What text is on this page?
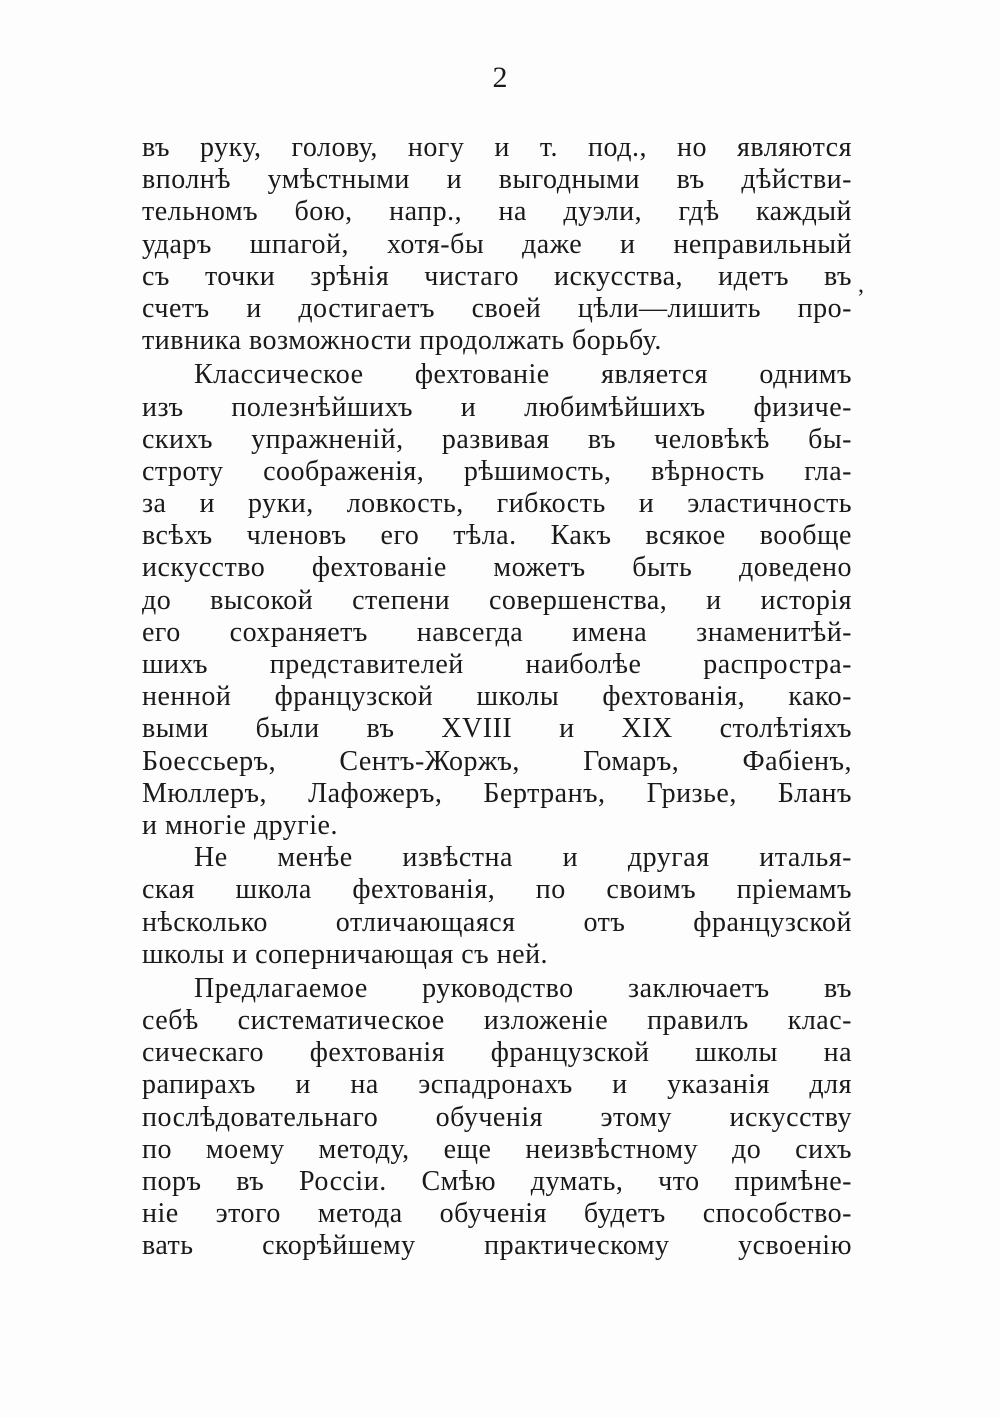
2
,
въ руку, голову, ногу и т. под., но являются
вполнѣ умѣстными и выгодными въ дѣйстви-
тельномъ бою, напр., на дуэли, гдѣ каждый
ударъ шпагой, хотя-бы даже и неправильный
съ точки зрѣнія чистаго искусства, идетъ въ
счетъ и достигаетъ своей цѣли—лишить про-
тивника возможности продолжать борьбу.
Классическое фехтованіе является однимъ
изъ полезнѣйшихъ и любимѣйшихъ физиче-
скихъ упражненій, развивая въ человѣкѣ бы-
строту соображенія, рѣшимость, вѣрность гла-
за и руки, ловкость, гибкость и эластичность
всѣхъ членовъ его тѣла. Какъ всякое вообще
искусство фехтованіе можетъ быть доведено
до высокой степени совершенства, и исторія
его сохраняетъ навсегда имена знаменитѣй-
шихъ представителей наиболѣе распростра-
ненной французской школы фехтованія, како-
выми были въ XVIII и XIX столѣтіяхъ
Боессьеръ, Сентъ-Жоржъ, Гомаръ, Фабіенъ,
Мюллеръ, Лафожеръ, Бертранъ, Гризье, Бланъ
и многіе другіе.
Не менѣе извѣстна и другая италья-
ская школа фехтованія, по своимъ пріемамъ
нѣсколько отличающаяся отъ французской
школы и соперничающая съ ней.
Предлагаемое руководство заключаетъ въ
себѣ систематическое изложеніе правилъ клас-
сическаго фехтованія французской школы на
рапирахъ и на эспадронахъ и указанія для
послѣдовательнаго обученія этому искусству
по моему методу, еще неизвѣстному до сихъ
поръ въ Россіи. Смѣю думать, что примѣне-
ніе этого метода обученія будетъ способство-
вать скорѣйшему практическому усвоенію
